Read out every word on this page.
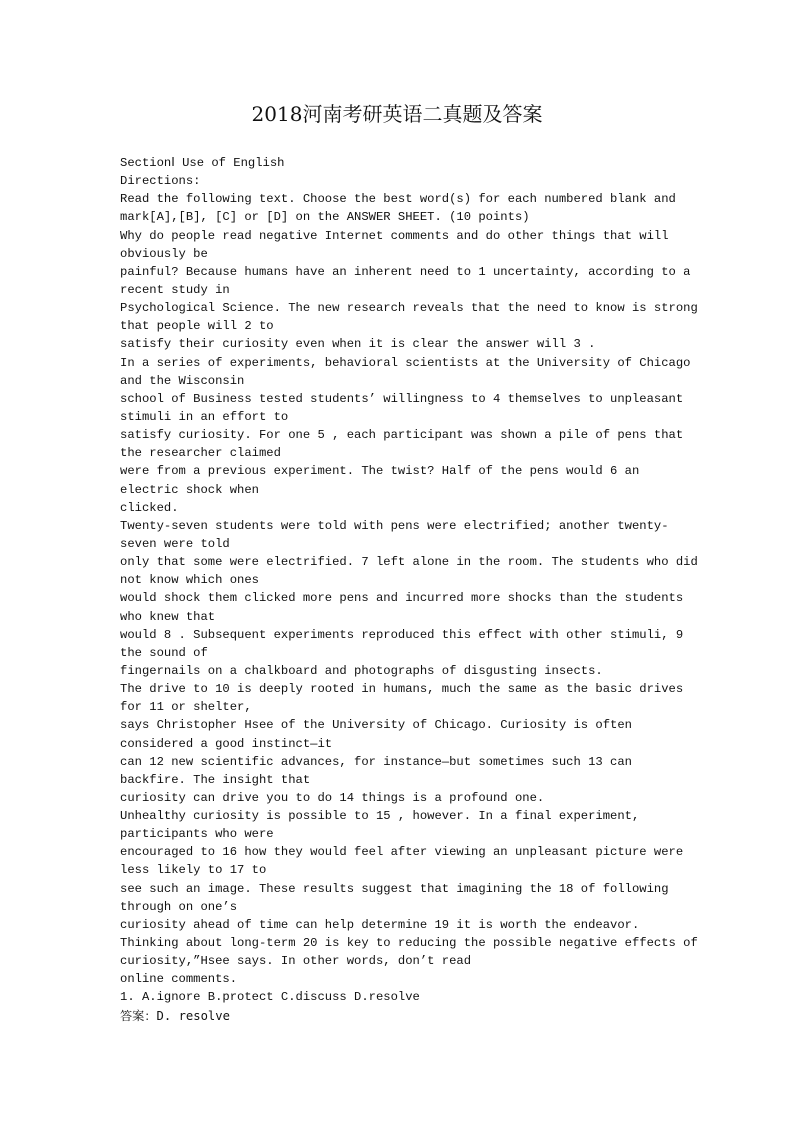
2018河南考研英语二真题及答案
SectionⅠ Use of English
Directions:
Read the following text. Choose the best word(s) for each numbered blank and
mark[A],[B], [C] or [D] on the ANSWER SHEET. (10 points)
Why do people read negative Internet comments and do other things that will
obviously be
painful? Because humans have an inherent need to 1 uncertainty, according to a
recent study in
Psychological Science. The new research reveals that the need to know is strong
that people will 2 to
satisfy their curiosity even when it is clear the answer will 3 .
In a series of experiments, behavioral scientists at the University of Chicago
and the Wisconsin
school of Business tested students’ willingness to 4 themselves to unpleasant
stimuli in an effort to
satisfy curiosity. For one 5 , each participant was shown a pile of pens that
the researcher claimed
were from a previous experiment. The twist? Half of the pens would 6 an
electric shock when
clicked.
Twenty-seven students were told with pens were electrified; another twenty-
seven were told
only that some were electrified. 7 left alone in the room. The students who did
not know which ones
would shock them clicked more pens and incurred more shocks than the students
who knew that
would 8 . Subsequent experiments reproduced this effect with other stimuli, 9
the sound of
fingernails on a chalkboard and photographs of disgusting insects.
The drive to 10 is deeply rooted in humans, much the same as the basic drives
for 11 or shelter,
says Christopher Hsee of the University of Chicago. Curiosity is often
considered a good instinct—it
can 12 new scientific advances, for instance—but sometimes such 13 can
backfire. The insight that
curiosity can drive you to do 14 things is a profound one.
Unhealthy curiosity is possible to 15 , however. In a final experiment,
participants who were
encouraged to 16 how they would feel after viewing an unpleasant picture were
less likely to 17 to
see such an image. These results suggest that imagining the 18 of following
through on one’s
curiosity ahead of time can help determine 19 it is worth the endeavor.
Thinking about long-term 20 is key to reducing the possible negative effects of
curiosity,”Hsee says. In other words, don’t read
online comments.
1. A.ignore B.protect C.discuss D.resolve
答案：D. resolve
